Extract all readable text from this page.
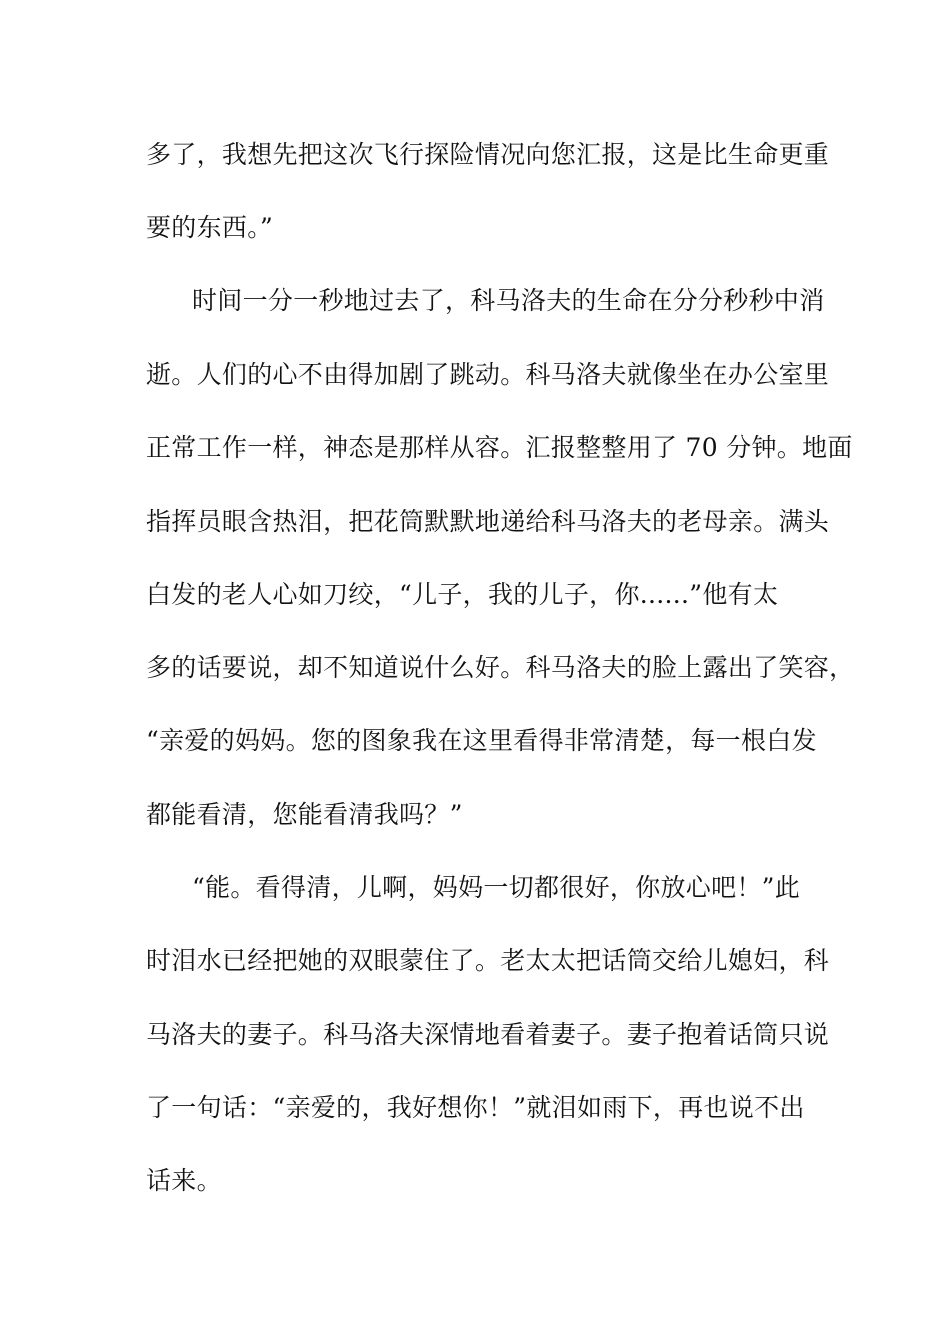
多了，我想先把这次飞行探险情况向您汇报，这是比生命更重
要的东西。”
时间一分一秒地过去了，科马洛夫的生命在分分秒秒中消
逝。人们的心不由得加剧了跳动。科马洛夫就像坐在办公室里
正常工作一样，神态是那样从容。汇报整整用了 70 分钟。地面
指挥员眼含热泪，把花筒默默地递给科马洛夫的老母亲。满头
白发的老人心如刀绞，“儿子，我的儿子，你......”他有太
多的话要说，却不知道说什么好。科马洛夫的脸上露出了笑容，
“亲爱的妈妈。您的图象我在这里看得非常清楚，每一根白发
都能看清，您能看清我吗？”
“能。看得清，儿啊，妈妈一切都很好，你放心吧！”此
时泪水已经把她的双眼蒙住了。老太太把话筒交给儿媳妇，科
马洛夫的妻子。科马洛夫深情地看着妻子。妻子抱着话筒只说
了一句话：“亲爱的，我好想你！”就泪如雨下，再也说不出
话来。
